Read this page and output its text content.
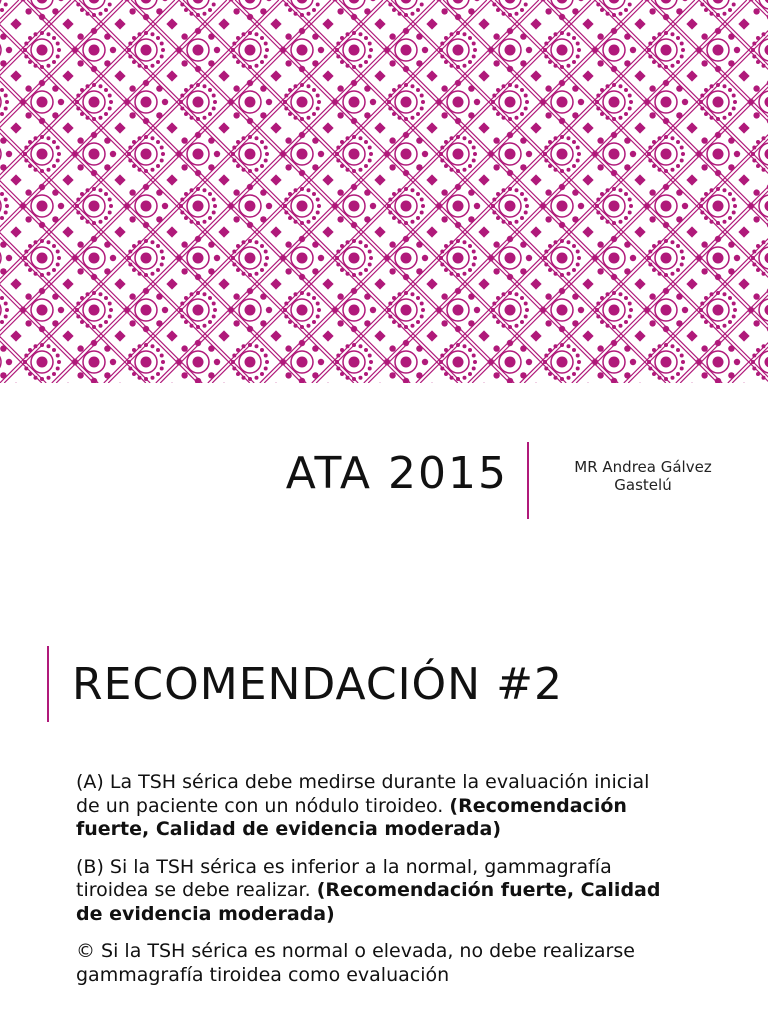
ATA 2015	MR Andrea Gálvez
Gastelú
RECOMENDACIÓN #2

(A) La TSH sérica debe medirse durante la evaluación inicial de un paciente con un nódulo tiroideo. (Recomendación fuerte, Calidad de evidencia moderada)

(B) Si la TSH sérica es inferior a la normal, gammagrafía tiroidea se debe realizar. (Recomendación fuerte, Calidad de evidencia moderada)

© Si la TSH sérica es normal o elevada, no debe realizarse gammagrafía tiroidea como evaluación
